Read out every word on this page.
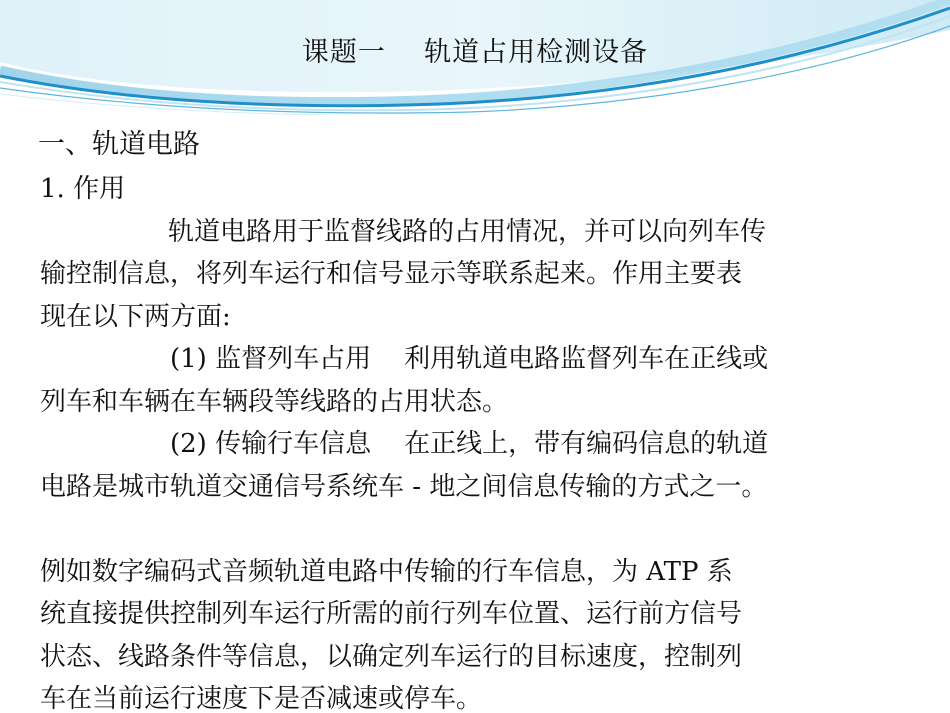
课题一    轨道占用检测设备
一、轨道电路
1. 作用
轨道电路用于监督线路的占用情况，并可以向列车传
输控制信息，将列车运行和信号显示等联系起来。作用主要表
现在以下两方面:
(1) 监督列车占用    利用轨道电路监督列车在正线或
列车和车辆在车辆段等线路的占用状态。
(2) 传输行车信息    在正线上，带有编码信息的轨道
电路是城市轨道交通信号系统车 - 地之间信息传输的方式之一。
例如数字编码式音频轨道电路中传输的行车信息，为 ATP 系
统直接提供控制列车运行所需的前行列车位置、运行前方信号
状态、线路条件等信息，以确定列车运行的目标速度，控制列
车在当前运行速度下是否减速或停车。
